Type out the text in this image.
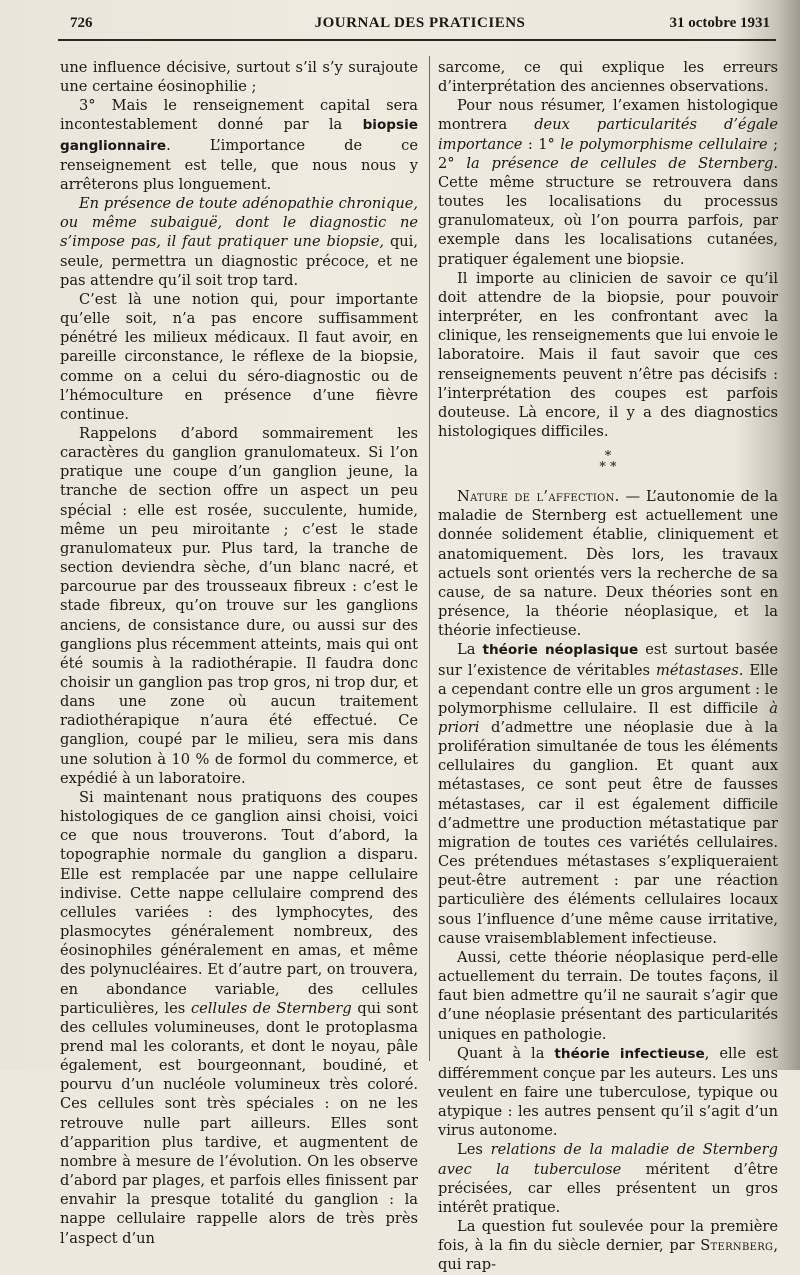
726	JOURNAL DES PRATICIENS	31 octobre 1931

une influence décisive, surtout s’il s’y surajoute une certaine éosinophilie ;

3° Mais le renseignement capital sera incontestablement donné par la biopsie ganglionnaire. L’importance de ce renseignement est telle, que nous nous y arrêterons plus longuement.

En présence de toute adénopathie chronique, ou même subaiguë, dont le diagnostic ne s’impose pas, il faut pratiquer une biopsie, qui, seule, permettra un diagnostic précoce, et ne pas attendre qu’il soit trop tard.

C’est là une notion qui, pour importante qu’elle soit, n’a pas encore suffisamment pénétré les milieux médicaux. Il faut avoir, en pareille circonstance, le réflexe de la biopsie, comme on a celui du séro-diagnostic ou de l’hémoculture en présence d’une fièvre continue.

Rappelons d’abord sommairement les caractères du ganglion granulomateux. Si l’on pratique une coupe d’un ganglion jeune, la tranche de section offre un aspect un peu spécial : elle est rosée, succulente, humide, même un peu miroitante ; c’est le stade granulomateux pur. Plus tard, la tranche de section deviendra sèche, d’un blanc nacré, et parcourue par des trousseaux fibreux : c’est le stade fibreux, qu’on trouve sur les ganglions anciens, de consistance dure, ou aussi sur des ganglions plus récemment atteints, mais qui ont été soumis à la radiothérapie. Il faudra donc choisir un ganglion pas trop gros, ni trop dur, et dans une zone où aucun traitement radiothérapique n’aura été effectué. Ce ganglion, coupé par le milieu, sera mis dans une solution à 10 % de formol du commerce, et expédié à un laboratoire.

Si maintenant nous pratiquons des coupes histologiques de ce ganglion ainsi choisi, voici ce que nous trouverons. Tout d’abord, la topographie normale du ganglion a disparu. Elle est remplacée par une nappe cellulaire indivise. Cette nappe cellulaire comprend des cellules variées : des lymphocytes, des plasmocytes généralement nombreux, des éosinophiles généralement en amas, et même des polynucléaires. Et d’autre part, on trouvera, en abondance variable, des cellules particulières, les cellules de Sternberg qui sont des cellules volumineuses, dont le protoplasma prend mal les colorants, et dont le noyau, pâle également, est bourgeonnant, boudiné, et pourvu d’un nucléole volumineux très coloré. Ces cellules sont très spéciales : on ne les retrouve nulle part ailleurs. Elles sont d’apparition plus tardive, et augmentent de nombre à mesure de l’évolution. On les observe d’abord par plages, et parfois elles finissent par envahir la presque totalité du ganglion : la nappe cellulaire rappelle alors de très près l’aspect d’un

sarcome, ce qui explique les erreurs d’interprétation des anciennes observations.

Pour nous résumer, l’examen histologique montrera deux particularités d’égale importance : 1° le polymorphisme cellulaire ; 2° la présence de cellules de Sternberg. Cette même structure se retrouvera dans toutes les localisations du processus granulomateux, où l’on pourra parfois, par exemple dans les localisations cutanées, pratiquer également une biopsie.

Il importe au clinicien de savoir ce qu’il doit attendre de la biopsie, pour pouvoir interpréter, en les confrontant avec la clinique, les renseignements que lui envoie le laboratoire. Mais il faut savoir que ces renseignements peuvent n’être pas décisifs : l’interprétation des coupes est parfois douteuse. Là encore, il y a des diagnostics histologiques difficiles.

*
* *

Nature de l’affection. — L’autonomie de la maladie de Sternberg est actuellement une donnée solidement établie, cliniquement et anatomiquement. Dès lors, les travaux actuels sont orientés vers la recherche de sa cause, de sa nature. Deux théories sont en présence, la théorie néoplasique, et la théorie infectieuse.

La théorie néoplasique est surtout basée sur l’existence de véritables métastases. Elle a cependant contre elle un gros argument : le polymorphisme cellulaire. Il est difficile à priori d’admettre une néoplasie due à la prolifération simultanée de tous les éléments cellulaires du ganglion. Et quant aux métastases, ce sont peut être de fausses métastases, car il est également difficile d’admettre une production métastatique par migration de toutes ces variétés cellulaires. Ces prétendues métastases s’expliqueraient peut-être autrement : par une réaction particulière des éléments cellulaires locaux sous l’influence d’une même cause irritative, cause vraisemblablement infectieuse.

Aussi, cette théorie néoplasique perd-elle actuellement du terrain. De toutes façons, il faut bien admettre qu’il ne saurait s’agir que d’une néoplasie présentant des particularités uniques en pathologie.

Quant à la théorie infectieuse, elle est différemment conçue par les auteurs. Les uns veulent en faire une tuberculose, typique ou atypique : les autres pensent qu’il s’agit d’un virus autonome.

Les relations de la maladie de Sternberg avec la tuberculose méritent d’être précisées, car elles présentent un gros intérêt pratique.

La question fut soulevée pour la première fois, à la fin du siècle dernier, par Sternberg, qui rap-
